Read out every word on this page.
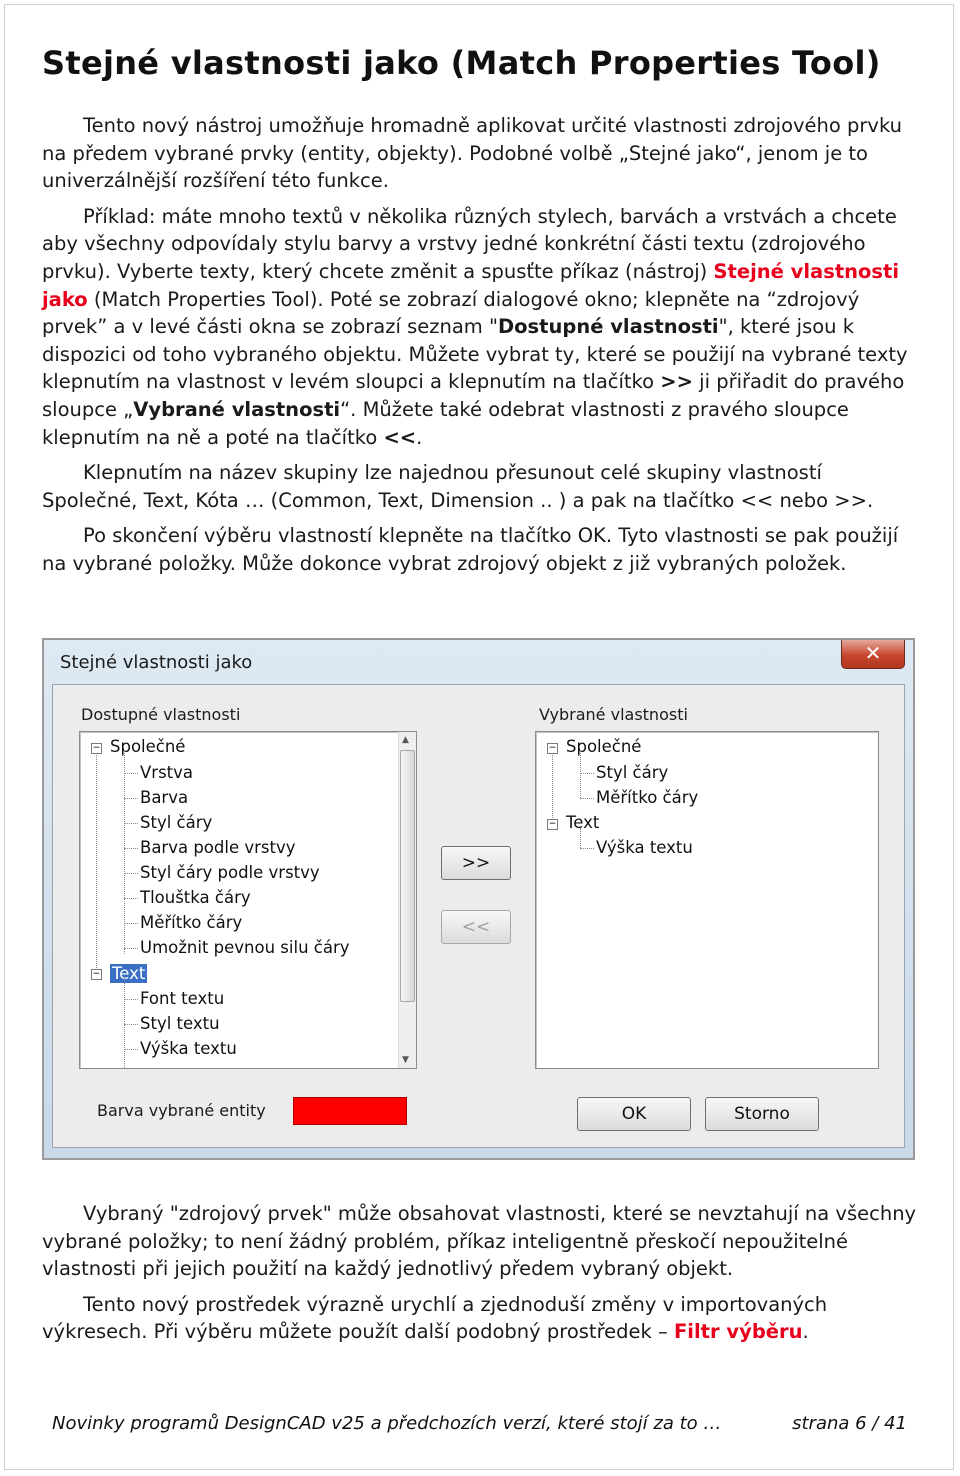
Stejné vlastnosti jako (Match Properties Tool)

Tento nový nástroj umožňuje hromadně aplikovat určité vlastnosti zdrojového prvku na předem vybrané prvky (entity, objekty). Podobné volbě „Stejné jako“, jenom je to univerzálnější rozšíření této funkce.

Příklad: máte mnoho textů v několika různých stylech, barvách a vrstvách a chcete aby všechny odpovídaly stylu barvy a vrstvy jedné konkrétní části textu (zdrojového prvku). Vyberte texty, který chcete změnit a spusťte příkaz (nástroj) Stejné vlastnosti jako (Match Properties Tool). Poté se zobrazí dialogové okno; klepněte na “zdrojový prvek” a v levé části okna se zobrazí seznam "Dostupné vlastnosti", které jsou k dispozici od toho vybraného objektu. Můžete vybrat ty, které se použijí na vybrané texty klepnutím na vlastnost v levém sloupci a klepnutím na tlačítko >> ji přiřadit do pravého sloupce „Vybrané vlastnosti“. Můžete také odebrat vlastnosti z pravého sloupce klepnutím na ně a poté na tlačítko <<.

Klepnutím na název skupiny lze najednou přesunout celé skupiny vlastností Společné, Text, Kóta … (Common, Text, Dimension .. ) a pak na tlačítko << nebo >>.

Po skončení výběru vlastností klepněte na tlačítko OK. Tyto vlastnosti se pak použijí na vybrané položky. Může dokonce vybrat zdrojový objekt z již vybraných položek.

Stejné vlastnosti jako	✕
Dostupné vlastnosti	Vybrané vlastnosti
− Společné
Vrstva
Barva
Styl čáry
Barva podle vrstvy
Styl čáry podle vrstvy
Tlouštka čáry
Měřítko čáry
Umožnit pevnou silu čáry
− Text
Font textu
Styl textu
Výška textu
▲
▼
>>
<<
− Společné
Styl čáry
Měřítko čáry
− Text
Výška textu
Barva vybrané entity	OK	Storno

Vybraný "zdrojový prvek" může obsahovat vlastnosti, které se nevztahují na všechny vybrané položky; to není žádný problém, příkaz inteligentně přeskočí nepoužitelné vlastnosti při jejich použití na každý jednotlivý předem vybraný objekt.

Tento nový prostředek výrazně urychlí a zjednoduší změny v importovaných výkresech. Při výběru můžete použít další podobný prostředek – Filtr výběru.

Novinky programů DesignCAD v25 a předchozích verzí, které stojí za to …	strana 6 / 41
